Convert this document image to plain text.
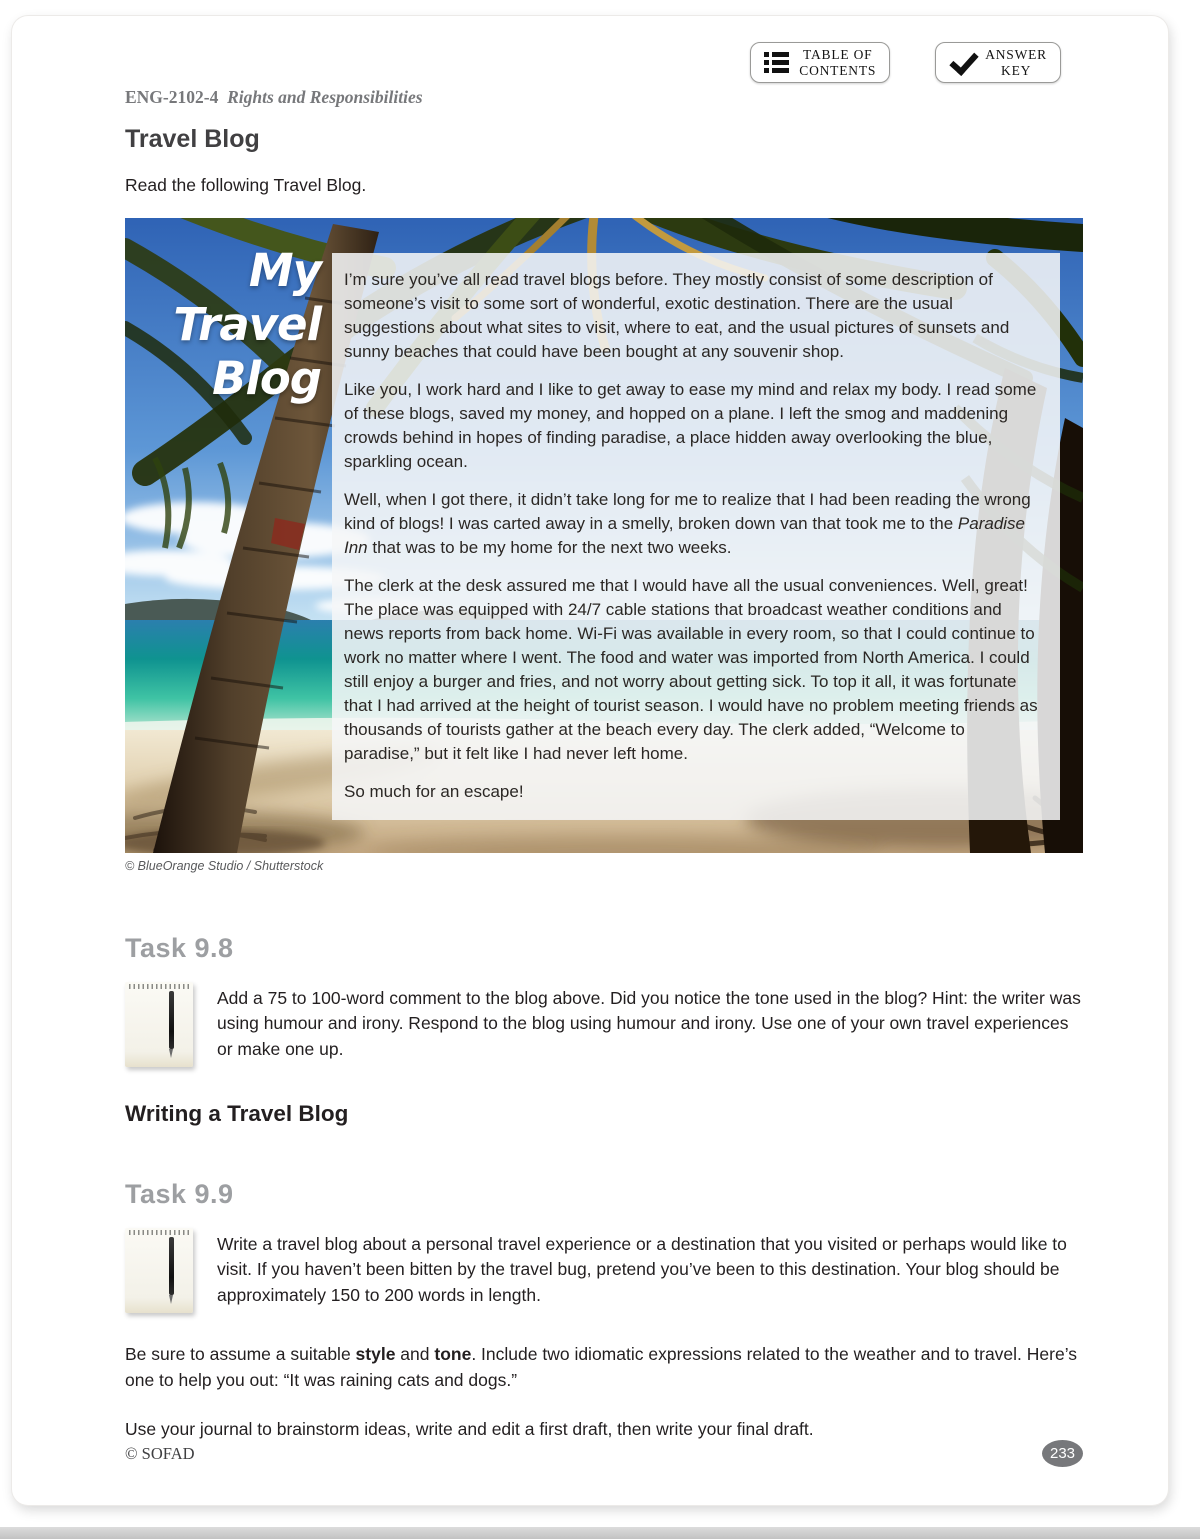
ENG-2102-4 Rights and Responsibilities
TABLE OF
CONTENTS
ANSWER
KEY
Travel Blog

Read the following Travel Blog.

My
Travel
Blog

I’m sure you’ve all read travel blogs before. They mostly consist of some description of someone’s visit to some sort of wonderful, exotic destination. There are the usual suggestions about what sites to visit, where to eat, and the usual pictures of sunsets and sunny beaches that could have been bought at any souvenir shop.

Like you, I work hard and I like to get away to ease my mind and relax my body. I read some of these blogs, saved my money, and hopped on a plane. I left the smog and maddening crowds behind in hopes of finding paradise, a place hidden away overlooking the blue, sparkling ocean.

Well, when I got there, it didn’t take long for me to realize that I had been reading the wrong kind of blogs! I was carted away in a smelly, broken down van that took me to the Paradise Inn that was to be my home for the next two weeks.

The clerk at the desk assured me that I would have all the usual conveniences. Well, great! The place was equipped with 24/7 cable stations that broadcast weather conditions and news reports from back home. Wi-Fi was available in every room, so that I could continue to work no matter where I went. The food and water was imported from North America. I could still enjoy a burger and fries, and not worry about getting sick. To top it all, it was fortunate that I had arrived at the height of tourist season. I would have no problem meeting friends as thousands of tourists gather at the beach every day. The clerk added, “Welcome to paradise,” but it felt like I had never left home.

So much for an escape!

© BlueOrange Studio / Shutterstock
Task 9.8
Add a 75 to 100-word comment to the blog above. Did you notice the tone used in the blog? Hint: the writer was using humour and irony. Respond to the blog using humour and irony. Use one of your own travel experiences or make one up.
Writing a Travel Blog
Task 9.9
Write a travel blog about a personal travel experience or a destination that you visited or perhaps would like to visit. If you haven’t been bitten by the travel bug, pretend you’ve been to this destination. Your blog should be approximately 150 to 200 words in length.

Be sure to assume a suitable style and tone. Include two idiomatic expressions related to the weather and to travel. Here’s one to help you out: “It was raining cats and dogs.”

Use your journal to brainstorm ideas, write and edit a first draft, then write your final draft.

© SOFAD	233
